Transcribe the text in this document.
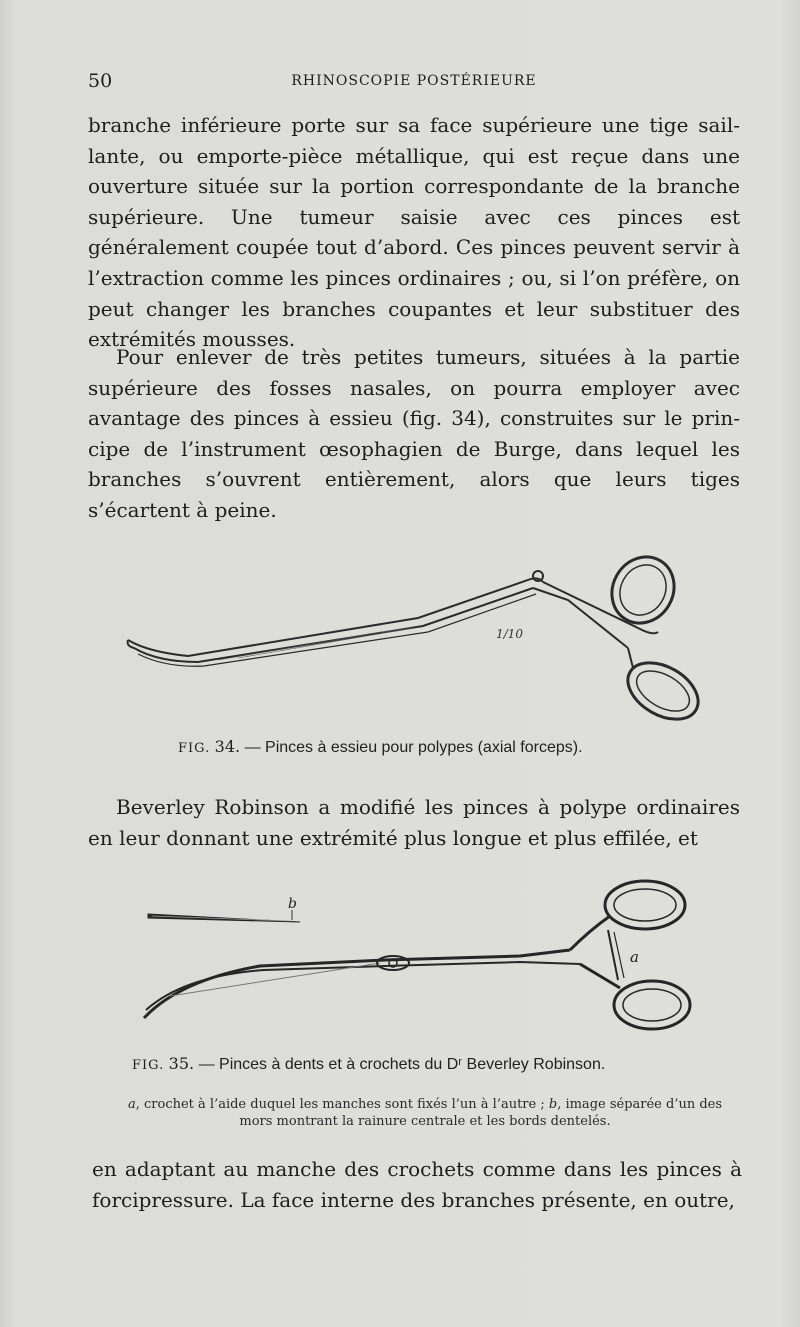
50	RHINOSCOPIE POSTÉRIEURE

branche inférieure porte sur sa face supérieure une tige saillante, ou emporte-pièce métallique, qui est reçue dans une ouverture située sur la portion correspondante de la branche supérieure. Une tumeur saisie avec ces pinces est généralement coupée tout d’abord. Ces pinces peuvent servir à l’extraction comme les pinces ordinaires ; ou, si l’on préfère, on peut changer les branches coupantes et leur substituer des extrémités mousses.

Pour enlever de très petites tumeurs, situées à la partie supérieure des fosses nasales, on pourra employer avec avantage des pinces à essieu (fig. 34), construites sur le principe de l’instrument œsophagien de Burge, dans lequel les branches s’ouvrent entièrement, alors que leurs tiges s’écartent à peine.

1/10
FIG. 34. — Pinces à essieu pour polypes (axial forceps).

Beverley Robinson a modifié les pinces à polype ordinaires en leur donnant une extrémité plus longue et plus effilée, et

b
a
FIG. 35. — Pinces à dents et à crochets du Dʳ Beverley Robinson.
a, crochet à l’aide duquel les manches sont fixés l’un à l’autre ; b, image séparée d’un des mors montrant la rainure centrale et les bords dentelés.

en adaptant au manche des crochets comme dans les pinces à forcipressure. La face interne des branches présente, en outre,
